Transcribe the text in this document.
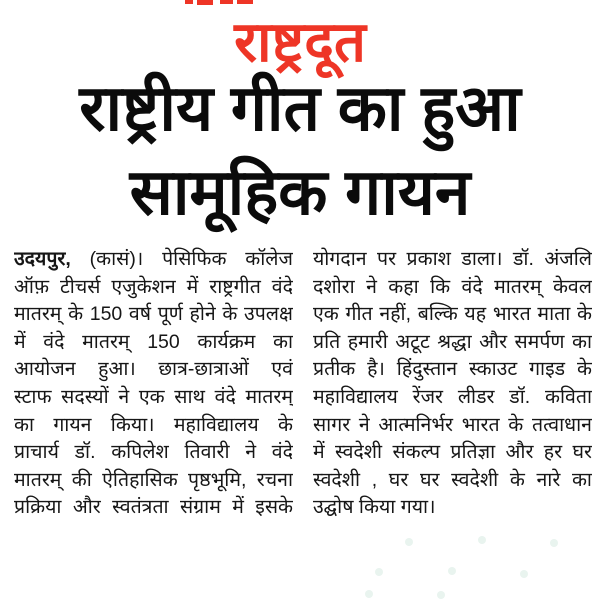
राष्ट्रदूत
राष्ट्रीय गीत का हुआ
सामूहिक गायन
उदयपुर, (कासं)। पेसिफिक कॉलेज
ऑफ़ टीचर्स एजुकेशन में राष्ट्रगीत वंदे
मातरम् के 150 वर्ष पूर्ण होने के उपलक्ष
में वंदे मातरम् 150 कार्यक्रम का
आयोजन हुआ। छात्र-छात्राओं एवं
स्टाफ सदस्यों ने एक साथ वंदे मातरम्
का गायन किया। महाविद्यालय के
प्राचार्य डॉ. कपिलेश तिवारी ने वंदे
मातरम् की ऐतिहासिक पृष्ठभूमि, रचना
प्रक्रिया और स्वतंत्रता संग्राम में इसके
योगदान पर प्रकाश डाला। डॉ. अंजलि
दशोरा ने कहा कि वंदे मातरम् केवल
एक गीत नहीं, बल्कि यह भारत माता के
प्रति हमारी अटूट श्रद्धा और समर्पण का
प्रतीक है। हिंदुस्तान स्काउट गाइड के
महाविद्यालय रेंजर लीडर डॉ. कविता
सागर ने आत्मनिर्भर भारत के तत्वाधान
में स्वदेशी संकल्प प्रतिज्ञा और हर घर
स्वदेशी , घर घर स्वदेशी के नारे का
उद्घोष किया गया।
